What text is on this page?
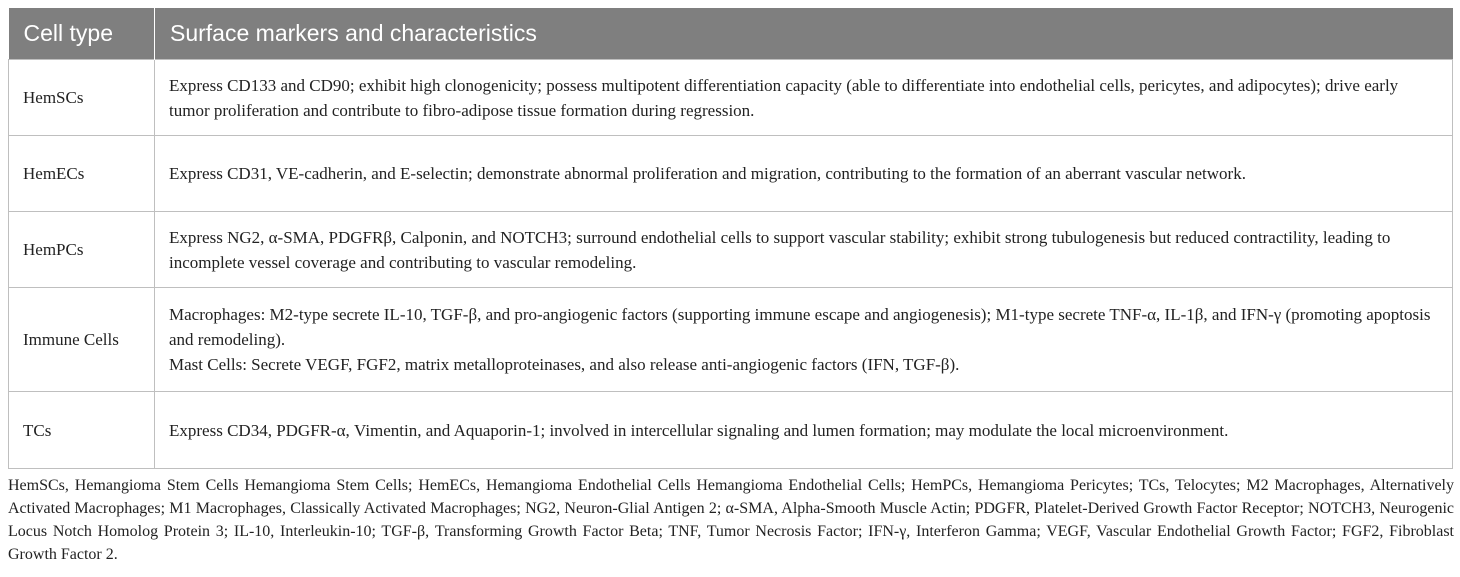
Cell type	Surface markers and characteristics
HemSCs	Express CD133 and CD90; exhibit high clonogenicity; possess multipotent differentiation capacity (able to differentiate into endothelial cells, pericytes, and adipocytes); drive early tumor proliferation and contribute to fibro-adipose tissue formation during regression.
HemECs	Express CD31, VE-cadherin, and E-selectin; demonstrate abnormal proliferation and migration, contributing to the formation of an aberrant vascular network.
HemPCs	Express NG2, α-SMA, PDGFRβ, Calponin, and NOTCH3; surround endothelial cells to support vascular stability; exhibit strong tubulogenesis but reduced contractility, leading to incomplete vessel coverage and contributing to vascular remodeling.
Immune Cells	Macrophages: M2-type secrete IL-10, TGF-β, and pro-angiogenic factors (supporting immune escape and angiogenesis); M1-type secrete TNF-α, IL-1β, and IFN-γ (promoting apoptosis and remodeling).
Mast Cells: Secrete VEGF, FGF2, matrix metalloproteinases, and also release anti-angiogenic factors (IFN, TGF-β).

TCs	Express CD34, PDGFR-α, Vimentin, and Aquaporin-1; involved in intercellular signaling and lumen formation; may modulate the local microenvironment.

HemSCs, Hemangioma Stem Cells Hemangioma Stem Cells; HemECs, Hemangioma Endothelial Cells Hemangioma Endothelial Cells; HemPCs, Hemangioma Pericytes; TCs, Telocytes; M2 Macrophages, Alternatively Activated Macrophages; M1 Macrophages, Classically Activated Macrophages; NG2, Neuron-Glial Antigen 2; α-SMA, Alpha-Smooth Muscle Actin; PDGFR, Platelet-Derived Growth Factor Receptor; NOTCH3, Neurogenic Locus Notch Homolog Protein 3; IL-10, Interleukin-10; TGF-β, Transforming Growth Factor Beta; TNF, Tumor Necrosis Factor; IFN-γ, Interferon Gamma; VEGF, Vascular Endothelial Growth Factor; FGF2, Fibroblast Growth Factor 2.
